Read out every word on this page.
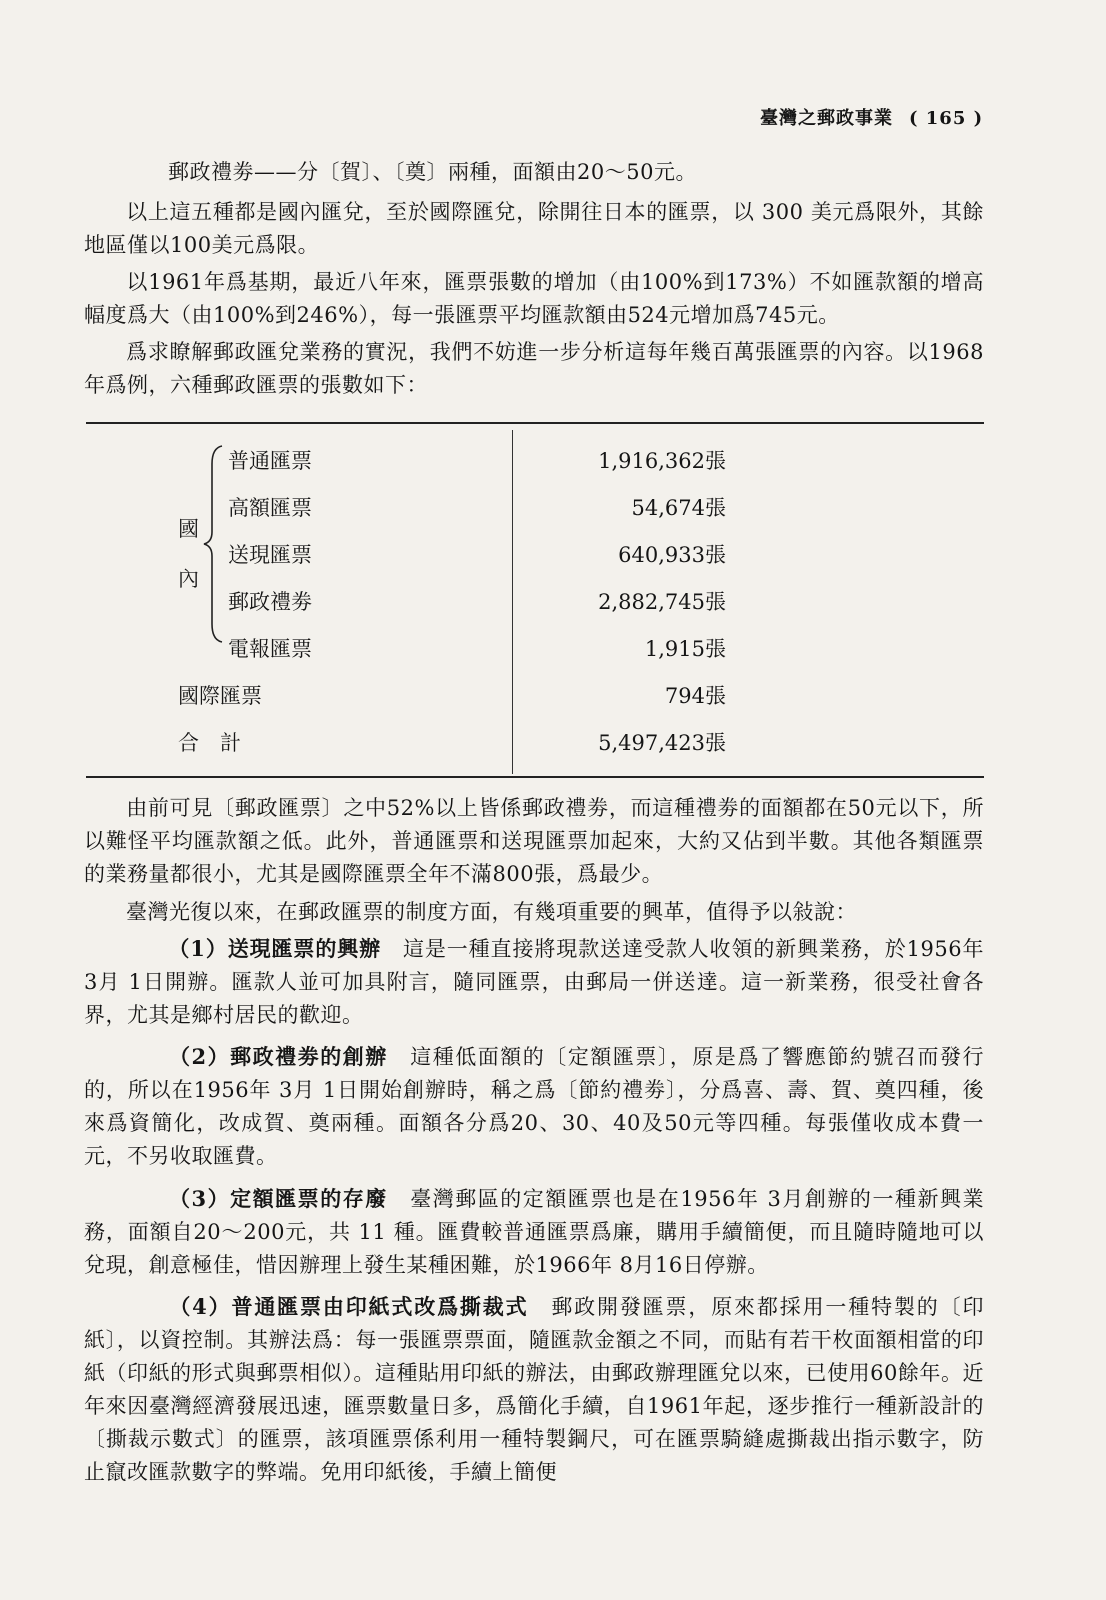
臺灣之郵政事業 ( 165 )

郵政禮劵——分〔賀〕、〔奠〕兩種，面額由20～50元。

以上這五種都是國內匯兌，至於國際匯兌，除開往日本的匯票，以 300 美元爲限外，其餘地區僅以100美元爲限。

以1961年爲基期，最近八年來，匯票張數的增加（由100%到173%）不如匯款額的增高幅度爲大（由100%到246%），每一張匯票平均匯款額由524元增加爲745元。

爲求瞭解郵政匯兌業務的實況，我們不妨進一步分析這每年幾百萬張匯票的內容。以1968年爲例，六種郵政匯票的張數如下：

國
內
普通匯票	1,916,362張
高額匯票	54,674張
送現匯票	640,933張
郵政禮劵	2,882,745張
電報匯票	1,915張
國際匯票	794張
合　計	5,497,423張

由前可見〔郵政匯票〕之中52%以上皆係郵政禮劵，而這種禮劵的面額都在50元以下，所以難怪平均匯款額之低。此外，普通匯票和送現匯票加起來，大約又佔到半數。其他各類匯票的業務量都很小，尤其是國際匯票全年不滿800張，爲最少。

臺灣光復以來，在郵政匯票的制度方面，有幾項重要的興革，值得予以敍說：

（1）送現匯票的興辦　 這是一種直接將現款送達受款人收領的新興業務，於1956年 3月 1日開辦。匯款人並可加具附言，隨同匯票，由郵局一併送達。這一新業務，很受社會各界，尤其是鄉村居民的歡迎。

（2）郵政禮劵的創辦　 這種低面額的〔定額匯票〕，原是爲了響應節約號召而發行的，所以在1956年 3月 1日開始創辦時，稱之爲〔節約禮劵〕，分爲喜、壽、賀、奠四種，後來爲資簡化，改成賀、奠兩種。面額各分爲20、30、40及50元等四種。每張僅收成本費一元，不另收取匯費。

（3）定額匯票的存廢　 臺灣郵區的定額匯票也是在1956年 3月創辦的一種新興業務，面額自20～200元，共 11 種。匯費較普通匯票爲廉，購用手續簡便，而且隨時隨地可以兌現，創意極佳，惜因辦理上發生某種困難，於1966年 8月16日停辦。

（4）普通匯票由印紙式改爲撕裁式　 郵政開發匯票，原來都採用一種特製的〔印紙〕，以資控制。其辦法爲：每一張匯票票面，隨匯款金額之不同，而貼有若干枚面額相當的印紙（印紙的形式與郵票相似）。這種貼用印紙的辦法，由郵政辦理匯兌以來，已使用60餘年。近年來因臺灣經濟發展迅速，匯票數量日多，爲簡化手續，自1961年起，逐步推行一種新設計的〔撕裁示數式〕的匯票，該項匯票係利用一種特製鋼尺，可在匯票騎縫處撕裁出指示數字，防止竄改匯款數字的弊端。免用印紙後，手續上簡便
